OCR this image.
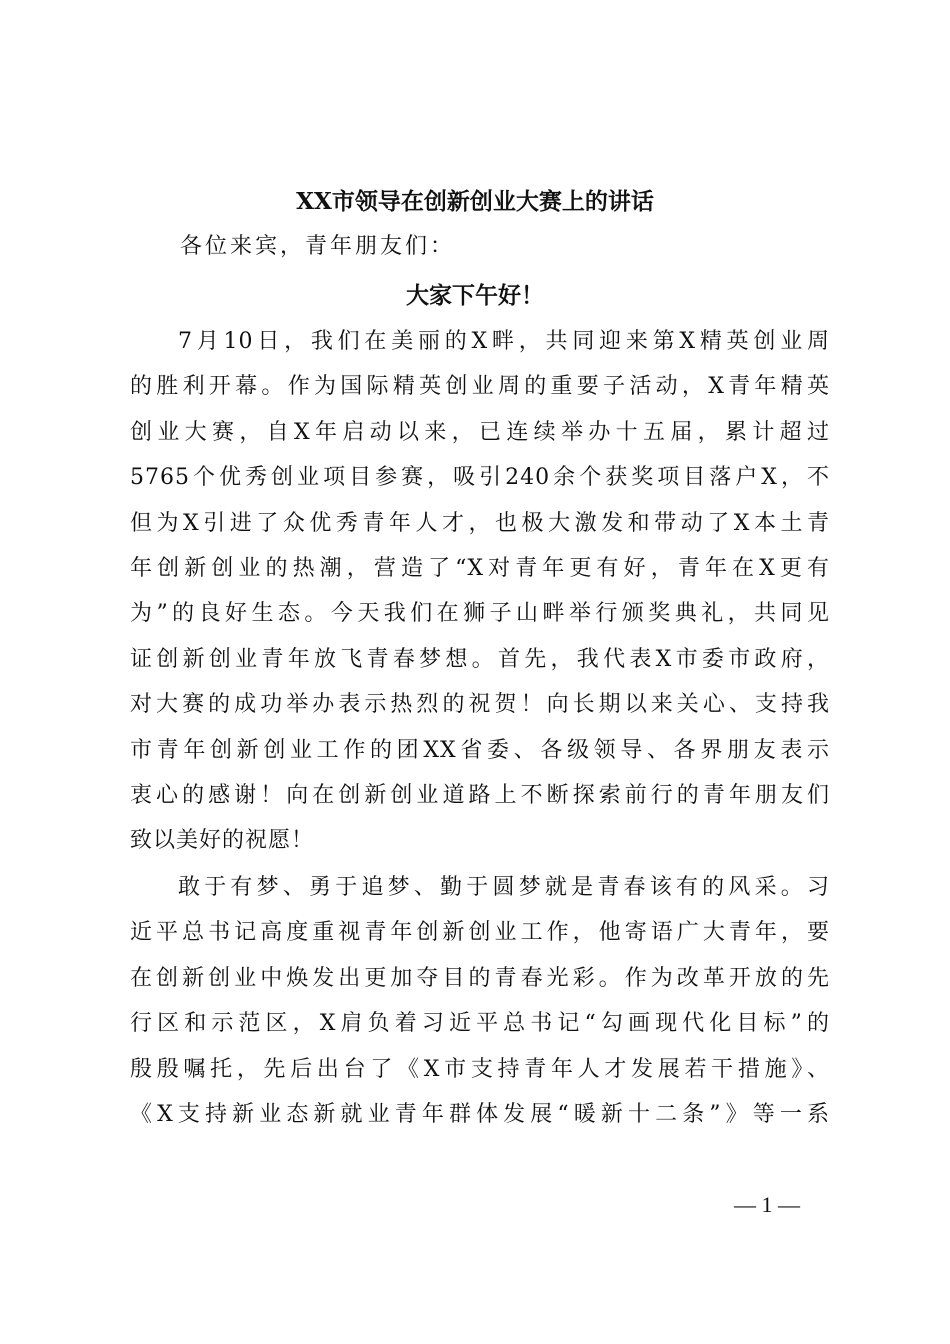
XX市领导在创新创业大赛上的讲话
各位来宾，青年朋友们：
大家下午好！
7月10日，我们在美丽的X畔，共同迎来第X精英创业周
的胜利开幕。作为国际精英创业周的重要子活动，X青年精英
创业大赛，自X年启动以来，已连续举办十五届，累计超过
5765个优秀创业项目参赛，吸引240余个获奖项目落户X，不
但为X引进了众优秀青年人才，也极大激发和带动了X本土青
年创新创业的热潮，营造了“X对青年更有好，青年在X更有
为”的良好生态。今天我们在狮子山畔举行颁奖典礼，共同见
证创新创业青年放飞青春梦想。首先，我代表X市委市政府，
对大赛的成功举办表示热烈的祝贺！向长期以来关心、支持我
市青年创新创业工作的团XX省委、各级领导、各界朋友表示
衷心的感谢！向在创新创业道路上不断探索前行的青年朋友们
致以美好的祝愿！
敢于有梦、勇于追梦、勤于圆梦就是青春该有的风采。习
近平总书记高度重视青年创新创业工作，他寄语广大青年，要
在创新创业中焕发出更加夺目的青春光彩。作为改革开放的先
行区和示范区，X肩负着习近平总书记“勾画现代化目标”的
殷殷嘱托，先后出台了《X市支持青年人才发展若干措施》、
《X支持新业态新就业青年群体发展“暖新十二条”》等一系
— 1 —
